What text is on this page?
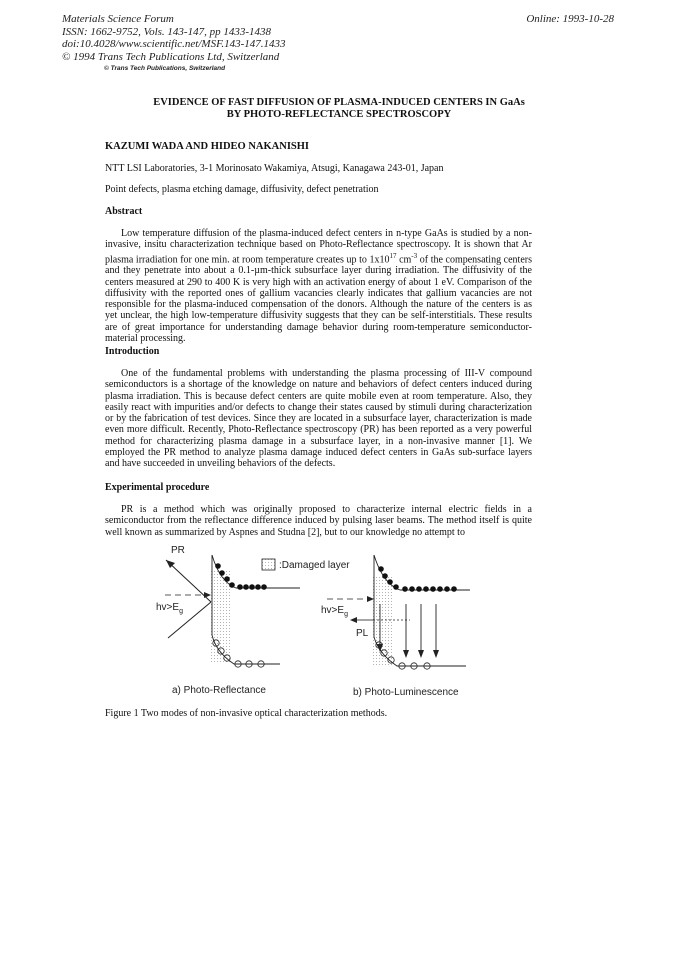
Materials Science Forum
ISSN: 1662-9752, Vols. 143-147, pp 1433-1438
doi:10.4028/www.scientific.net/MSF.143-147.1433
© 1994 Trans Tech Publications Ltd, Switzerland
Online: 1993-10-28
© Trans Tech Publications, Switzerland
EVIDENCE OF FAST DIFFUSION OF PLASMA-INDUCED CENTERS IN GaAs
BY PHOTO-REFLECTANCE SPECTROSCOPY
KAZUMI WADA AND HIDEO NAKANISHI
NTT LSI Laboratories, 3-1 Morinosato Wakamiya, Atsugi, Kanagawa 243-01, Japan
Point defects, plasma etching damage, diffusivity, defect penetration
Abstract
Low temperature diffusion of the plasma-induced defect centers in n-type GaAs is studied by a non-invasive, insitu characterization technique based on Photo-Reflectance spectroscopy. It is shown that Ar plasma irradiation for one min. at room temperature creates up to $1x10^{17}$ $cm^{-3}$ of the compensating centers and they penetrate into about a 0.1-µm-thick subsurface layer during irradiation. The diffusivity of the centers measured at 290 to 400 K is very high with an activation energy of about 1 eV. Comparison of the diffusivity with the reported ones of gallium vacancies clearly indicates that gallium vacancies are not responsible for the plasma-induced compensation of the donors. Although the nature of the centers is as yet unclear, the high low-temperature diffusivity suggests that they can be self-interstitials. These results are of great importance for understanding damage behavior during room-temperature semiconductor-material processing.
Introduction
One of the fundamental problems with understanding the plasma processing of III-V compound semiconductors is a shortage of the knowledge on nature and behaviors of defect centers induced during plasma irradiation. This is because defect centers are quite mobile even at room temperature. Also, they easily react with impurities and/or defects to change their states caused by stimuli during characterization or by the fabrication of test devices. Since they are located in a subsurface layer, characterization is made even more difficult. Recently, Photo-Reflectance spectroscopy (PR) has been reported as a very powerful method for characterizing plasma damage in a subsurface layer, in a non-invasive manner [1]. We employed the PR method to analyze plasma damage induced defect centers in GaAs sub-surface layers and have succeeded in unveiling behaviors of the defects.
Experimental procedure
PR is a method which was originally proposed to characterize internal electric fields in a semiconductor from the reflectance difference induced by pulsing laser beams. The method itself is quite well known as summarized by Aspnes and Studna [2], but to our knowledge no attempt to
PR
$hv>E_g$
:Damaged layer
$hv>E_g$
PL
a) Photo-Reflectance	b) Photo-Luminescence
Figure 1 Two modes of non-invasive optical characterization methods.
